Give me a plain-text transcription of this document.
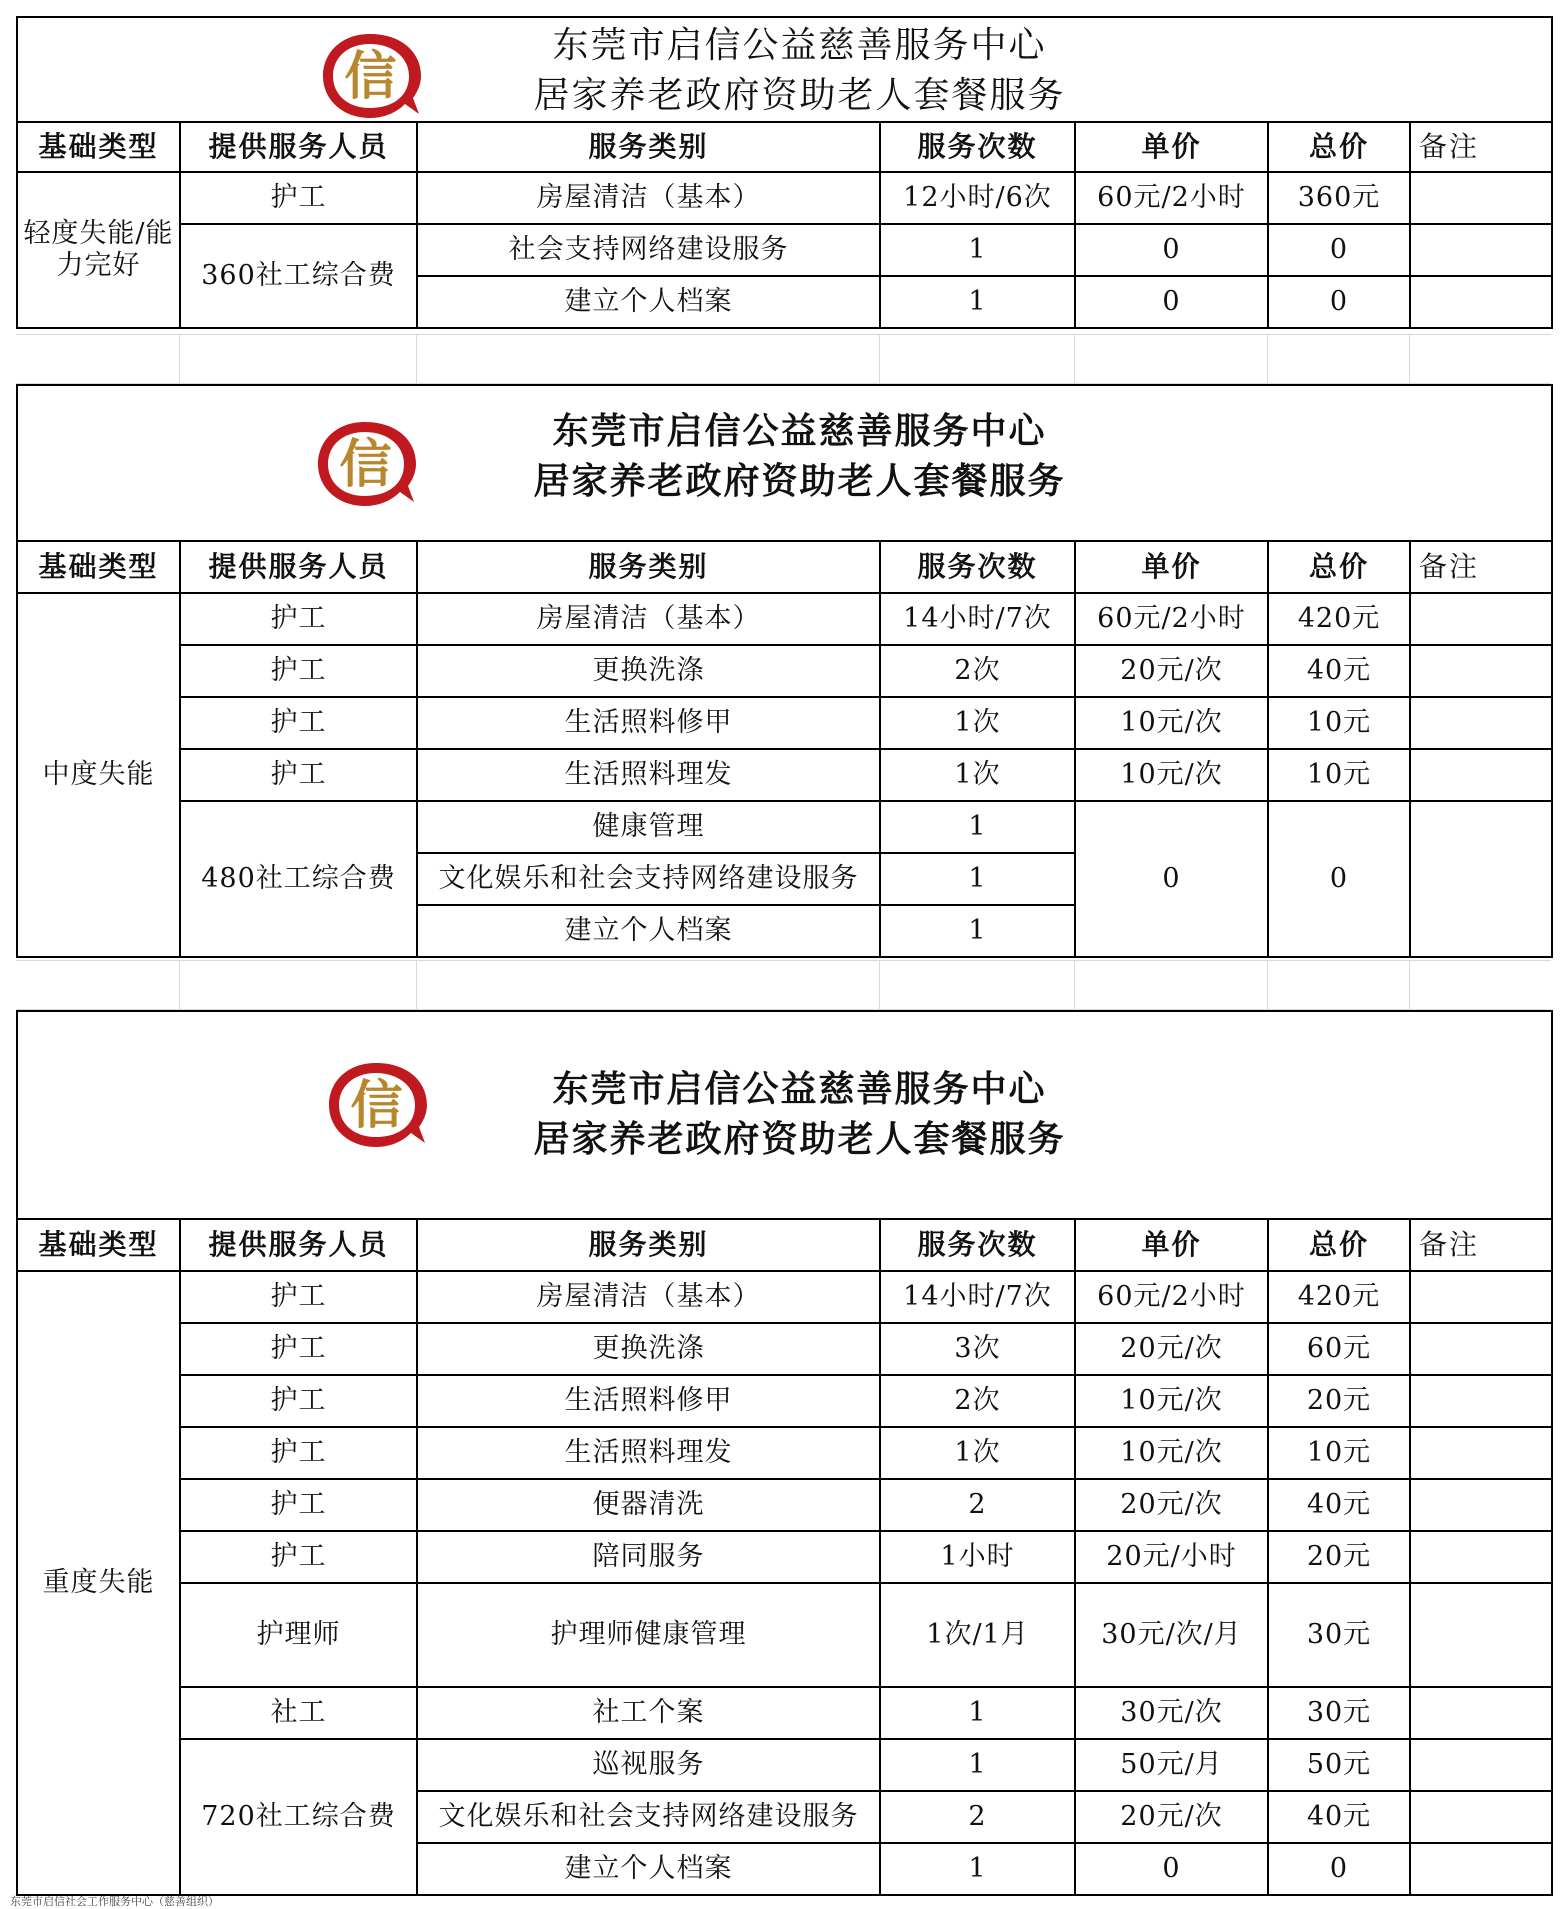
信
东莞市启信公益慈善服务中心
居家养老政府资助老人套餐服务						

基础类型	提供服务人员	服务类别	服务次数	单价	总价	备注
轻度失能/能力完好	护工	房屋清洁（基本）	12小时/6次	60元/2小时	360元	
	360社工综合费	社会支持网络建设服务	1	0	0	
		建立个人档案	1	0	0	
信
东莞市启信公益慈善服务中心
居家养老政府资助老人套餐服务						

基础类型	提供服务人员	服务类别	服务次数	单价	总价	备注
中度失能	护工	房屋清洁（基本）	14小时/7次	60元/2小时	420元	
	护工	更换洗涤	2次	20元/次	40元	
	护工	生活照料修甲	1次	10元/次	10元	
	护工	生活照料理发	1次	10元/次	10元	
	480社工综合费	健康管理	1	0	0	
		文化娱乐和社会支持网络建设服务	1			
		建立个人档案	1			
信 东莞市启信公益慈善服务中心
居家养老政府资助老人套餐服务						

基础类型	提供服务人员	服务类别	服务次数	单价	总价	备注
重度失能	护工	房屋清洁（基本）	14小时/7次	60元/2小时	420元	
	护工	更换洗涤	3次	20元/次	60元	
	护工	生活照料修甲	2次	10元/次	20元	
	护工	生活照料理发	1次	10元/次	10元	
	护工	便器清洗	2	20元/次	40元	
	护工	陪同服务	1小时	20元/小时	20元	
	护理师	护理师健康管理	1次/1月	30元/次/月	30元	
	社工	社工个案	1	30元/次	30元	
	720社工综合费	巡视服务	1	50元/月	50元	
		文化娱乐和社会支持网络建设服务	2	20元/次	40元	
		建立个人档案	1	0	0	
东莞市启信社会工作服务中心（慈善组织）
